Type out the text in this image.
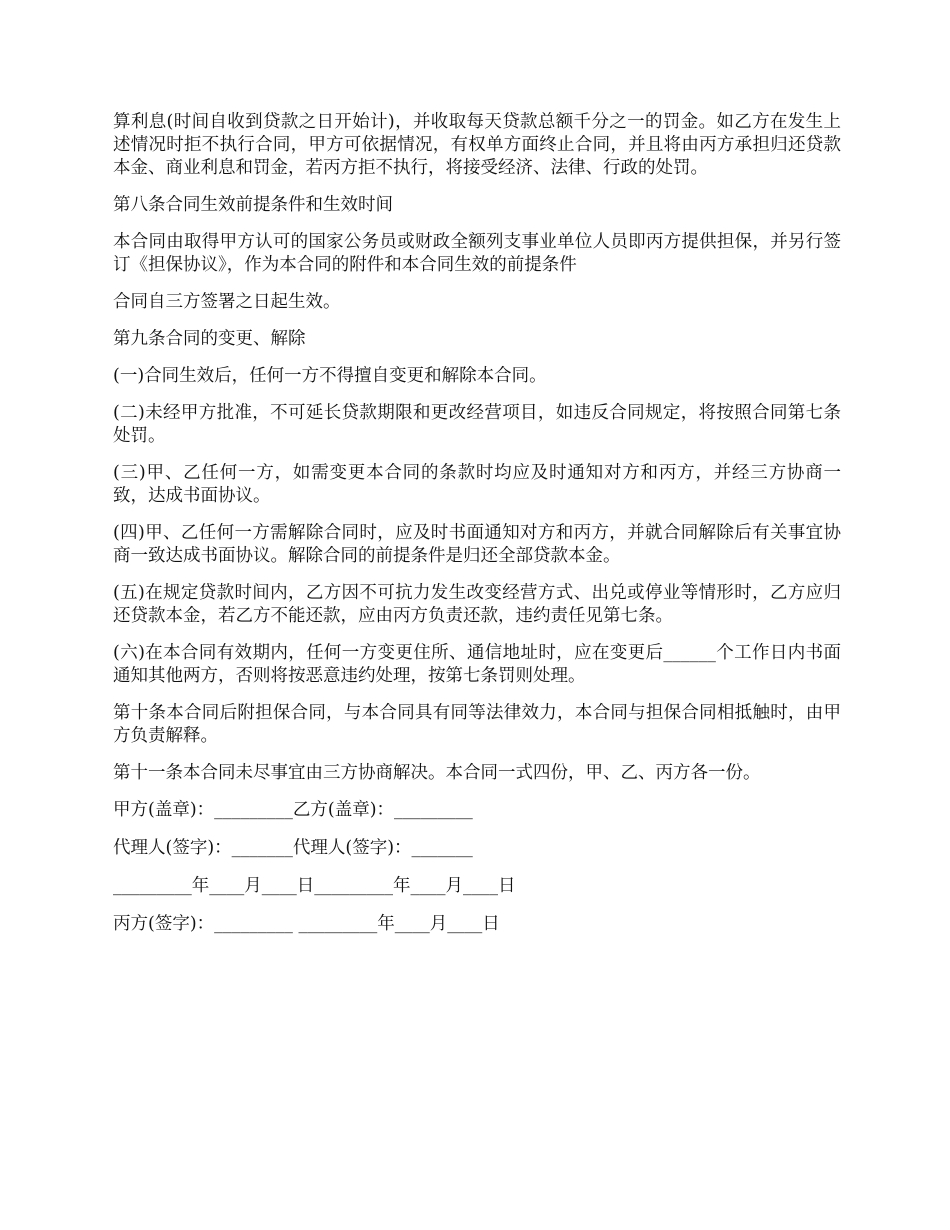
算利息(时间自收到贷款之日开始计)，并收取每天贷款总额千分之一的罚金。如乙方在发生上述情况时拒不执行合同，甲方可依据情况，有权单方面终止合同，并且将由丙方承担归还贷款本金、商业利息和罚金，若丙方拒不执行，将接受经济、法律、行政的处罚。

第八条合同生效前提条件和生效时间

本合同由取得甲方认可的国家公务员或财政全额列支事业单位人员即丙方提供担保，并另行签订《担保协议》，作为本合同的附件和本合同生效的前提条件

合同自三方签署之日起生效。

第九条合同的变更、解除

(一)合同生效后，任何一方不得擅自变更和解除本合同。

(二)未经甲方批准，不可延长贷款期限和更改经营项目，如违反合同规定，将按照合同第七条处罚。

(三)甲、乙任何一方，如需变更本合同的条款时均应及时通知对方和丙方，并经三方协商一致，达成书面协议。

(四)甲、乙任何一方需解除合同时，应及时书面通知对方和丙方，并就合同解除后有关事宜协商一致达成书面协议。解除合同的前提条件是归还全部贷款本金。

(五)在规定贷款时间内，乙方因不可抗力发生改变经营方式、出兑或停业等情形时，乙方应归还贷款本金，若乙方不能还款，应由丙方负责还款，违约责任见第七条。

(六)在本合同有效期内，任何一方变更住所、通信地址时，应在变更后______个工作日内书面通知其他两方，否则将按恶意违约处理，按第七条罚则处理。

第十条本合同后附担保合同，与本合同具有同等法律效力，本合同与担保合同相抵触时，由甲方负责解释。

第十一条本合同未尽事宜由三方协商解决。本合同一式四份，甲、乙、丙方各一份。

甲方(盖章)：_________乙方(盖章)：_________

代理人(签字)：_______代理人(签字)：_______

_________年____月____日_________年____月____日

丙方(签字)：_________ _________年____月____日
